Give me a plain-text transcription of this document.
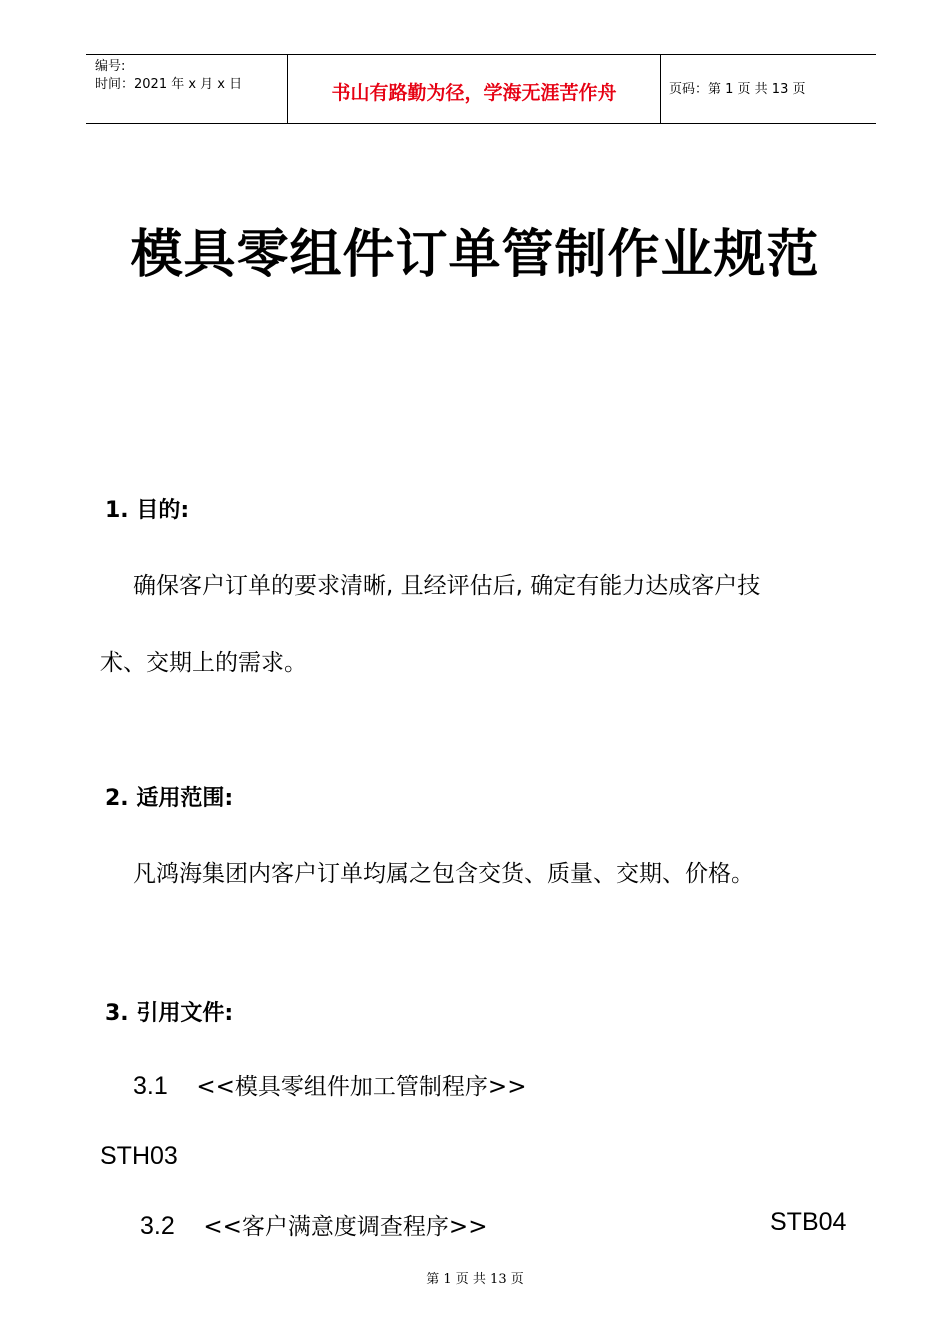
编号:
时间：2021 年 x 月 x 日	书山有路勤为径，学海无涯苦作舟	页码：第 1 页 共 13 页
模具零组件订单管制作业规范
1. 目的:
确保客户订单的要求清晰, 且经评估后, 确定有能力达成客户技
术、交期上的需求。
2. 适用范围:
凡鸿海集团内客户订单均属之包含交货、质量、交期、价格。
3. 引用文件:
3.1 <<模具零组件加工管制程序>>
STH03
3.2 <<客户满意度调查程序>>	STB04
第 1 页 共 13 页
